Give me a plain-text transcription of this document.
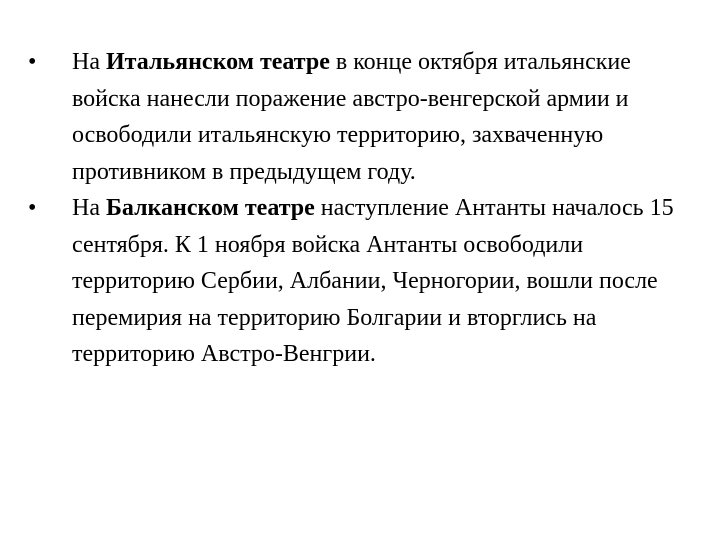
•	На Итальянском театре в конце октября итальянские войска нанесли поражение австро-венгерской армии и освободили итальянскую территорию, захваченную противником в предыдущем году.
•	На Балканском театре наступление Антанты началось 15 сентября. К 1 ноября войска Антанты освободили территорию Сербии, Албании, Черногории, вошли после перемирия на территорию Болгарии и вторглись на территорию Австро-Венгрии.
